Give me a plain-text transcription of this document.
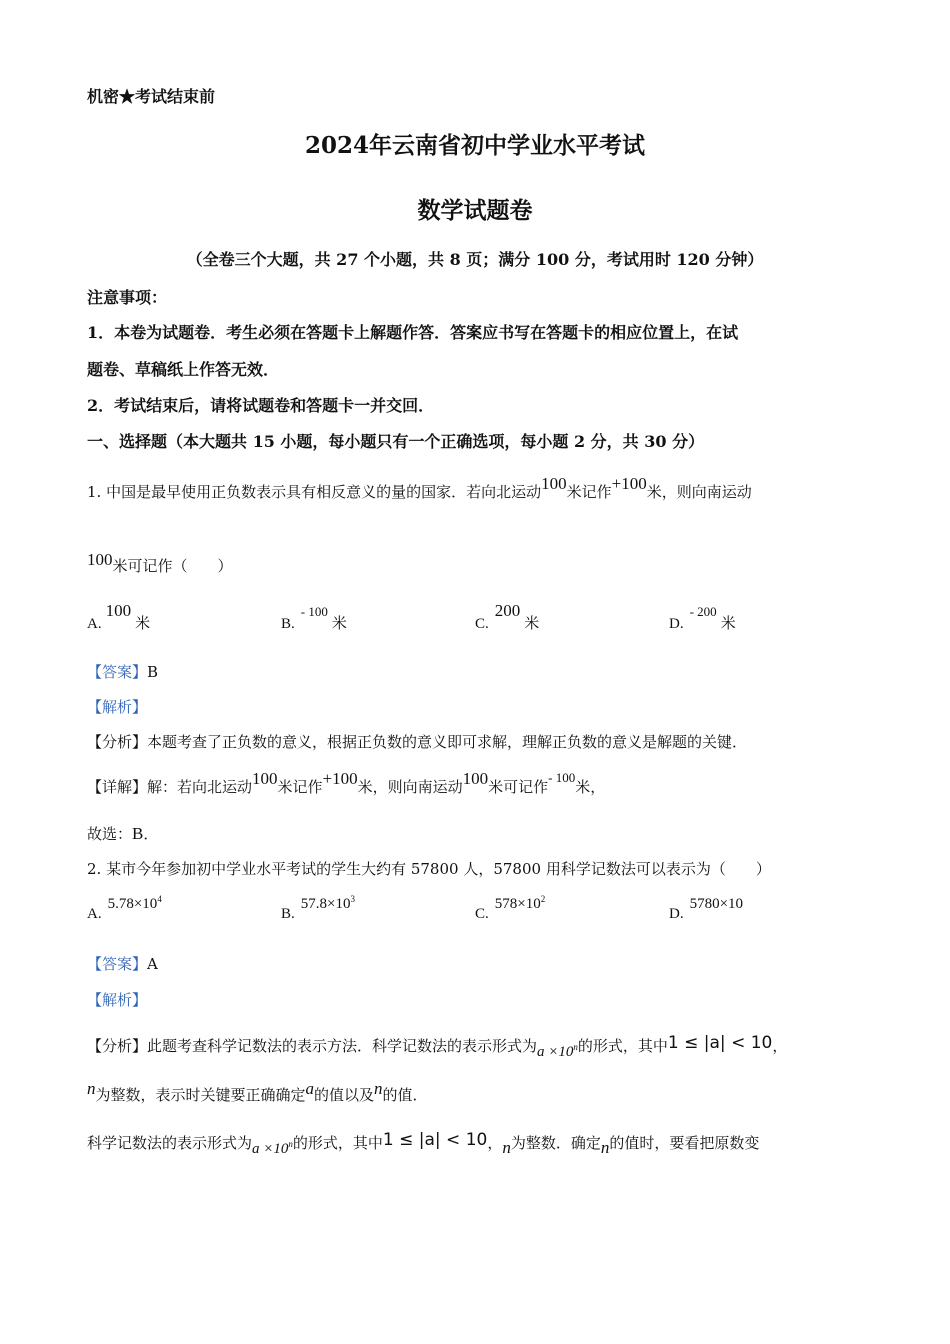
机密★考试结束前
2024年云南省初中学业水平考试
数学试题卷
（全卷三个大题，共 27 个小题，共 8 页；满分 100 分，考试用时 120 分钟）
注意事项：
1．本卷为试题卷．考生必须在答题卡上解题作答．答案应书写在答题卡的相应位置上，在试
题卷、草稿纸上作答无效．
2．考试结束后，请将试题卷和答题卡一并交回．
一、选择题（本大题共 15 小题，每小题只有一个正确选项，每小题 2 分，共 30 分）
1. 中国是最早使用正负数表示具有相反意义的量的国家．若向北运动100米记作+100米，则向南运动
100米可记作（　　）
A.100米	B.- 100米	C.200米	D.- 200米
【答案】B
【解析】
【分析】本题考查了正负数的意义，根据正负数的意义即可求解，理解正负数的意义是解题的关键．
【详解】解：若向北运动100米记作+100米，则向南运动100米可记作- 100米，
故选：B．
2. 某市今年参加初中学业水平考试的学生大约有 57800 人，57800 用科学记数法可以表示为（　　）
$A.5.78\times 10^4$
$B.57.8\times 10^3$
$C.578\times 10^2$
D.5780×10
【答案】A
【解析】
【分析】此题考查科学记数法的表示方法．科学记数法的表示形式为$a \times 10^n$的形式，其中1 ≤ |a| < 10，
n为整数，表示时关键要正确确定a的值以及n的值．
科学记数法的表示形式为$a \times 10^n$的形式，其中1 ≤ |a| < 10，n为整数．确定n的值时，要看把原数变
